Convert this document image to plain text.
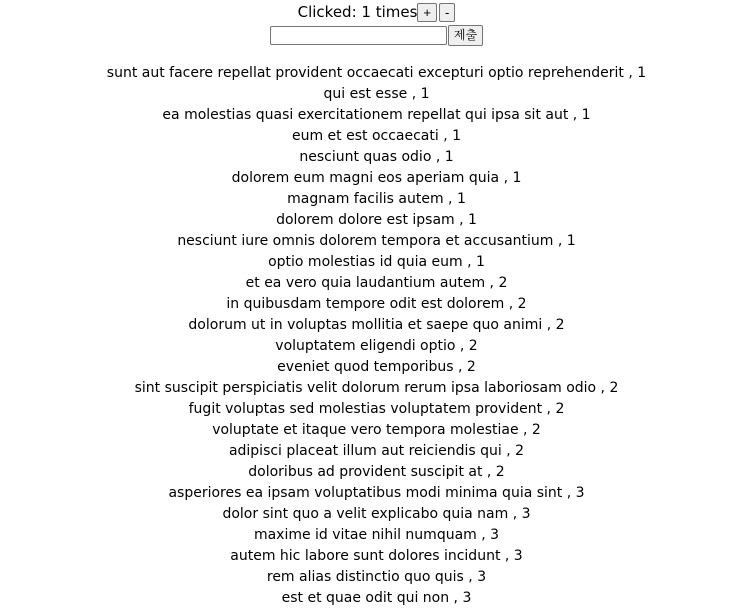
Clicked: 1 times +	-
제출
sunt aut facere repellat provident occaecati excepturi optio reprehenderit , 1
qui est esse , 1
ea molestias quasi exercitationem repellat qui ipsa sit aut , 1
eum et est occaecati , 1
nesciunt quas odio , 1
dolorem eum magni eos aperiam quia , 1
magnam facilis autem , 1
dolorem dolore est ipsam , 1
nesciunt iure omnis dolorem tempora et accusantium , 1
optio molestias id quia eum , 1
et ea vero quia laudantium autem , 2
in quibusdam tempore odit est dolorem , 2
dolorum ut in voluptas mollitia et saepe quo animi , 2
voluptatem eligendi optio , 2
eveniet quod temporibus , 2
sint suscipit perspiciatis velit dolorum rerum ipsa laboriosam odio , 2
fugit voluptas sed molestias voluptatem provident , 2
voluptate et itaque vero tempora molestiae , 2
adipisci placeat illum aut reiciendis qui , 2
doloribus ad provident suscipit at , 2
asperiores ea ipsam voluptatibus modi minima quia sint , 3
dolor sint quo a velit explicabo quia nam , 3
maxime id vitae nihil numquam , 3
autem hic labore sunt dolores incidunt , 3
rem alias distinctio quo quis , 3
est et quae odit qui non , 3
